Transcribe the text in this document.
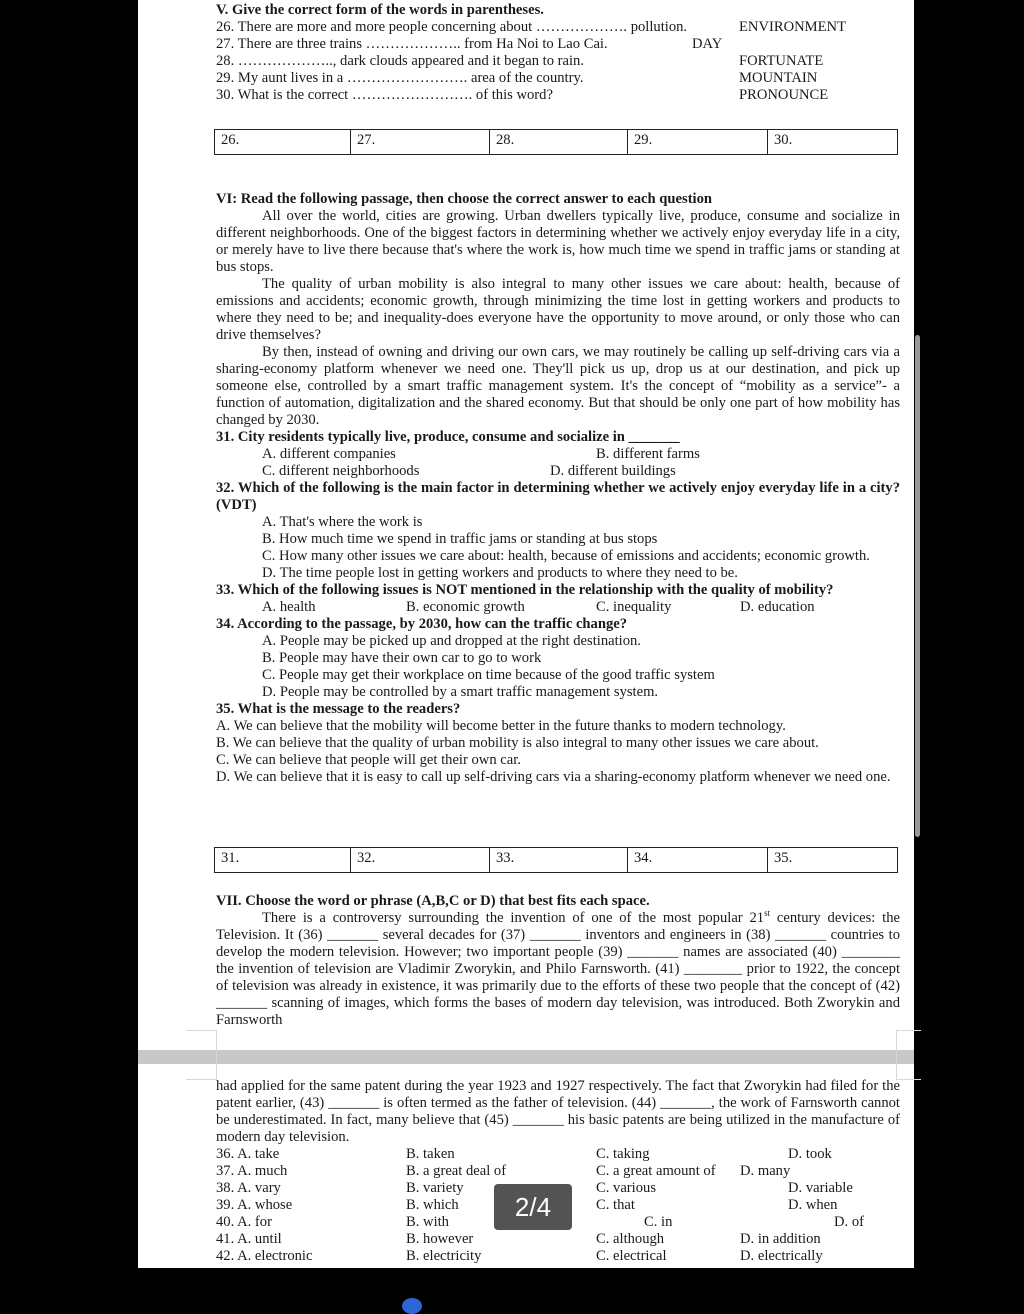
V. Give the correct form of the words in parentheses.
26. There are more and more people concerning about ………………. pollution.	ENVIRONMENT
27. There are three trains ……………….. from Ha Noi to Lao Cai.	DAY
28. ……………….., dark clouds appeared and it began to rain.	FORTUNATE
29. My aunt lives in a ……………………. area of the country.	MOUNTAIN
30. What is the correct ……………………. of this word?	PRONOUNCE
26.	27.	28.	29.	30.
VI: Read the following passage, then choose the correct answer to each question
All over the world, cities are growing. Urban dwellers typically live, produce, consume and socialize in different neighborhoods. One of the biggest factors in determining whether we actively enjoy everyday life in a city, or merely have to live there because that's where the work is, how much time we spend in traffic jams or standing at bus stops.
The quality of urban mobility is also integral to many other issues we care about: health, because of emissions and accidents; economic growth, through minimizing the time lost in getting workers and products to where they need to be; and inequality-does everyone have the opportunity to move around, or only those who can drive themselves?
By then, instead of owning and driving our own cars, we may routinely be calling up self-driving cars via a sharing-economy platform whenever we need one. They'll pick us up, drop us at our destination, and pick up someone else, controlled by a smart traffic management system. It's the concept of “mobility as a service”- a function of automation, digitalization and the shared economy. But that should be only one part of how mobility has changed by 2030.
31. City residents typically live, produce, consume and socialize in _______
A. different companies	B. different farms
C. different neighborhoods	D. different buildings
32. Which of the following is the main factor in determining whether we actively enjoy everyday life in a city?(VDT)
A. That's where the work is
B. How much time we spend in traffic jams or standing at bus stops
C. How many other issues we care about: health, because of emissions and accidents; economic growth.
D. The time people lost in getting workers and products to where they need to be.
33. Which of the following issues is NOT mentioned in the relationship with the quality of mobility?
A. health	B. economic growth	C. inequality	D. education
34. According to the passage, by 2030, how can the traffic change?
A. People may be picked up and dropped at the right destination.
B. People may have their own car to go to work
C. People may get their workplace on time because of the good traffic system
D. People may be controlled by a smart traffic management system.
35. What is the message to the readers?
A. We can believe that the mobility will become better in the future thanks to modern technology.
B. We can believe that the quality of urban mobility is also integral to many other issues we care about.
C. We can believe that people will get their own car.
D. We can believe that it is easy to call up self-driving cars via a sharing-economy platform whenever we need one.
31.	32.	33.	34.	35.
VII. Choose the word or phrase (A,B,C or D) that best fits each space.
There is a controversy surrounding the invention of one of the most popular 21st century devices: the Television. It (36) _______ several decades for (37) _______ inventors and engineers in (38) _______ countries to develop the modern television. However; two important people (39) _______ names are associated (40) ________ the invention of television are Vladimir Zworykin, and Philo Farnsworth. (41) ________ prior to 1922, the concept of television was already in existence, it was primarily due to the efforts of these two people that the concept of (42) _______ scanning of images, which forms the bases of modern day television, was introduced. Both Zworykin and Farnsworth
had applied for the same patent during the year 1923 and 1927 respectively. The fact that Zworykin had filed for the patent earlier, (43) _______ is often termed as the father of television. (44) _______, the work of Farnsworth cannot be underestimated. In fact, many believe that (45) _______ his basic patents are being utilized in the manufacture of modern day television.
36. A. take	B. taken	C. taking	D. took
37. A. much	B. a great deal of	C. a great amount of D. many
38. A. vary	B. variety	C. various	D. variable
39. A. whose	B. which	C. that	D. when
40. A. for	B. with	C. in	D. of
41. A. until	B. however	C. although	D. in addition
42. A. electronic	B. electricity	C. electrical	D. electrically
2/4
